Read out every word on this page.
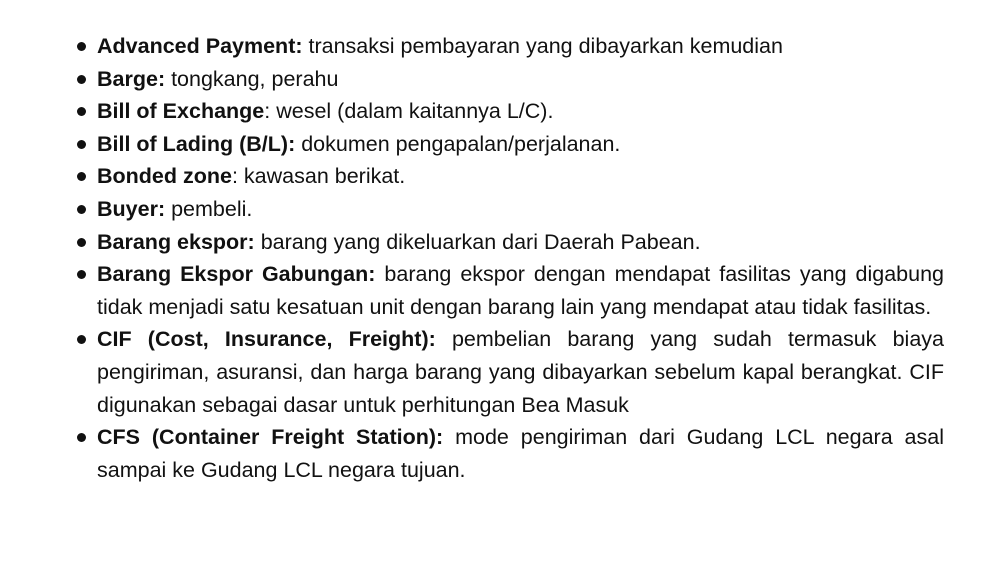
Advanced Payment: transaksi pembayaran yang dibayarkan kemudian
Barge: tongkang, perahu
Bill of Exchange: wesel (dalam kaitannya L/C).
Bill of Lading (B/L): dokumen pengapalan/perjalanan.
Bonded zone: kawasan berikat.
Buyer: pembeli.
Barang ekspor: barang yang dikeluarkan dari Daerah Pabean.
Barang Ekspor Gabungan: barang ekspor dengan mendapat fasilitas yang digabung tidak menjadi satu kesatuan unit dengan barang lain yang mendapat atau tidak fasilitas.
CIF (Cost, Insurance, Freight): pembelian barang yang sudah termasuk biaya pengiriman, asuransi, dan harga barang yang dibayarkan sebelum kapal berangkat. CIF digunakan sebagai dasar untuk perhitungan Bea Masuk
CFS (Container Freight Station): mode pengiriman dari Gudang LCL negara asal sampai ke Gudang LCL negara tujuan.
